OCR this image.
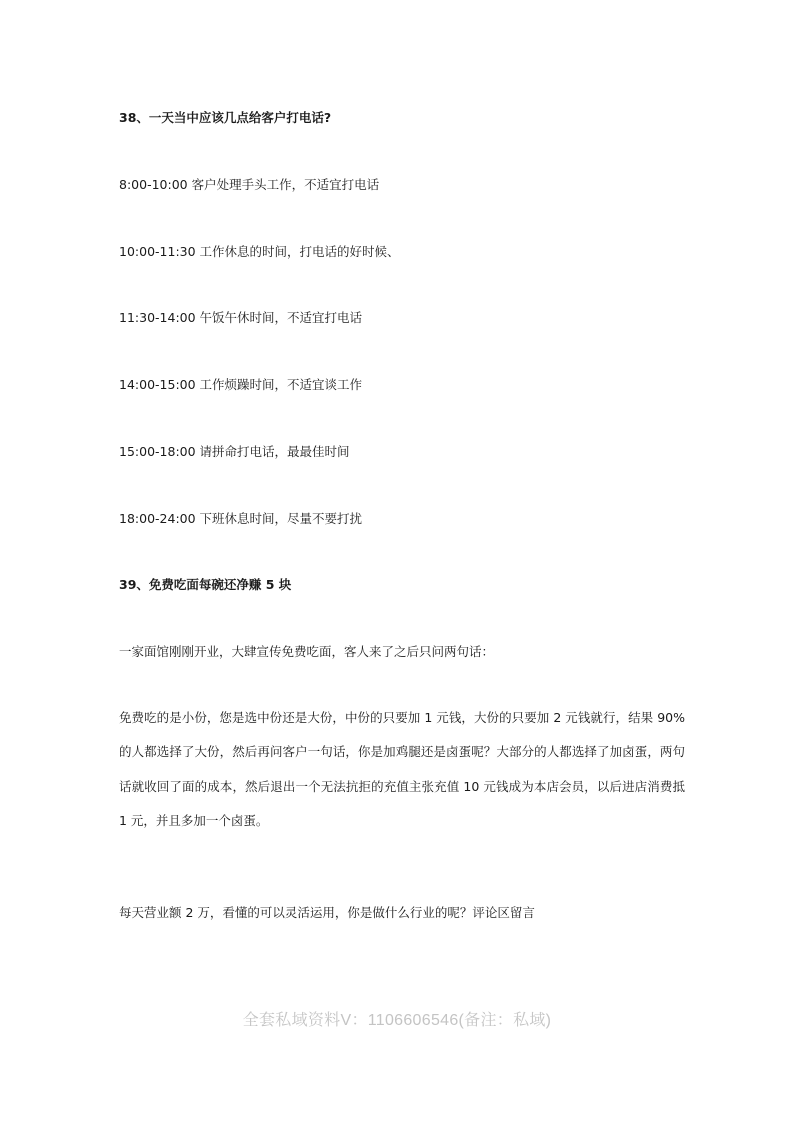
38、一天当中应该几点给客户打电话?
8:00-10:00 客户处理手头工作，不适宜打电话
10:00-11:30 工作休息的时间，打电话的好时候、
11:30-14:00 午饭午休时间，不适宜打电话
14:00-15:00 工作烦躁时间，不适宜谈工作
15:00-18:00 请拼命打电话，最最佳时间
18:00-24:00 下班休息时间，尽量不要打扰
39、免费吃面每碗还净赚 5 块
一家面馆刚刚开业，大肆宣传免费吃面，客人来了之后只问两句话：
免费吃的是小份，您是选中份还是大份，中份的只要加 1 元钱，大份的只要加 2 元钱就行，结果 90%的人都选择了大份，然后再问客户一句话，你是加鸡腿还是卤蛋呢？大部分的人都选择了加卤蛋，两句话就收回了面的成本，然后退出一个无法抗拒的充值主张充值 10 元钱成为本店会员，以后进店消费抵 1 元，并且多加一个卤蛋。
每天营业额 2 万，看懂的可以灵活运用，你是做什么行业的呢？评论区留言
全套私域资料V：1106606546(备注：私域)
